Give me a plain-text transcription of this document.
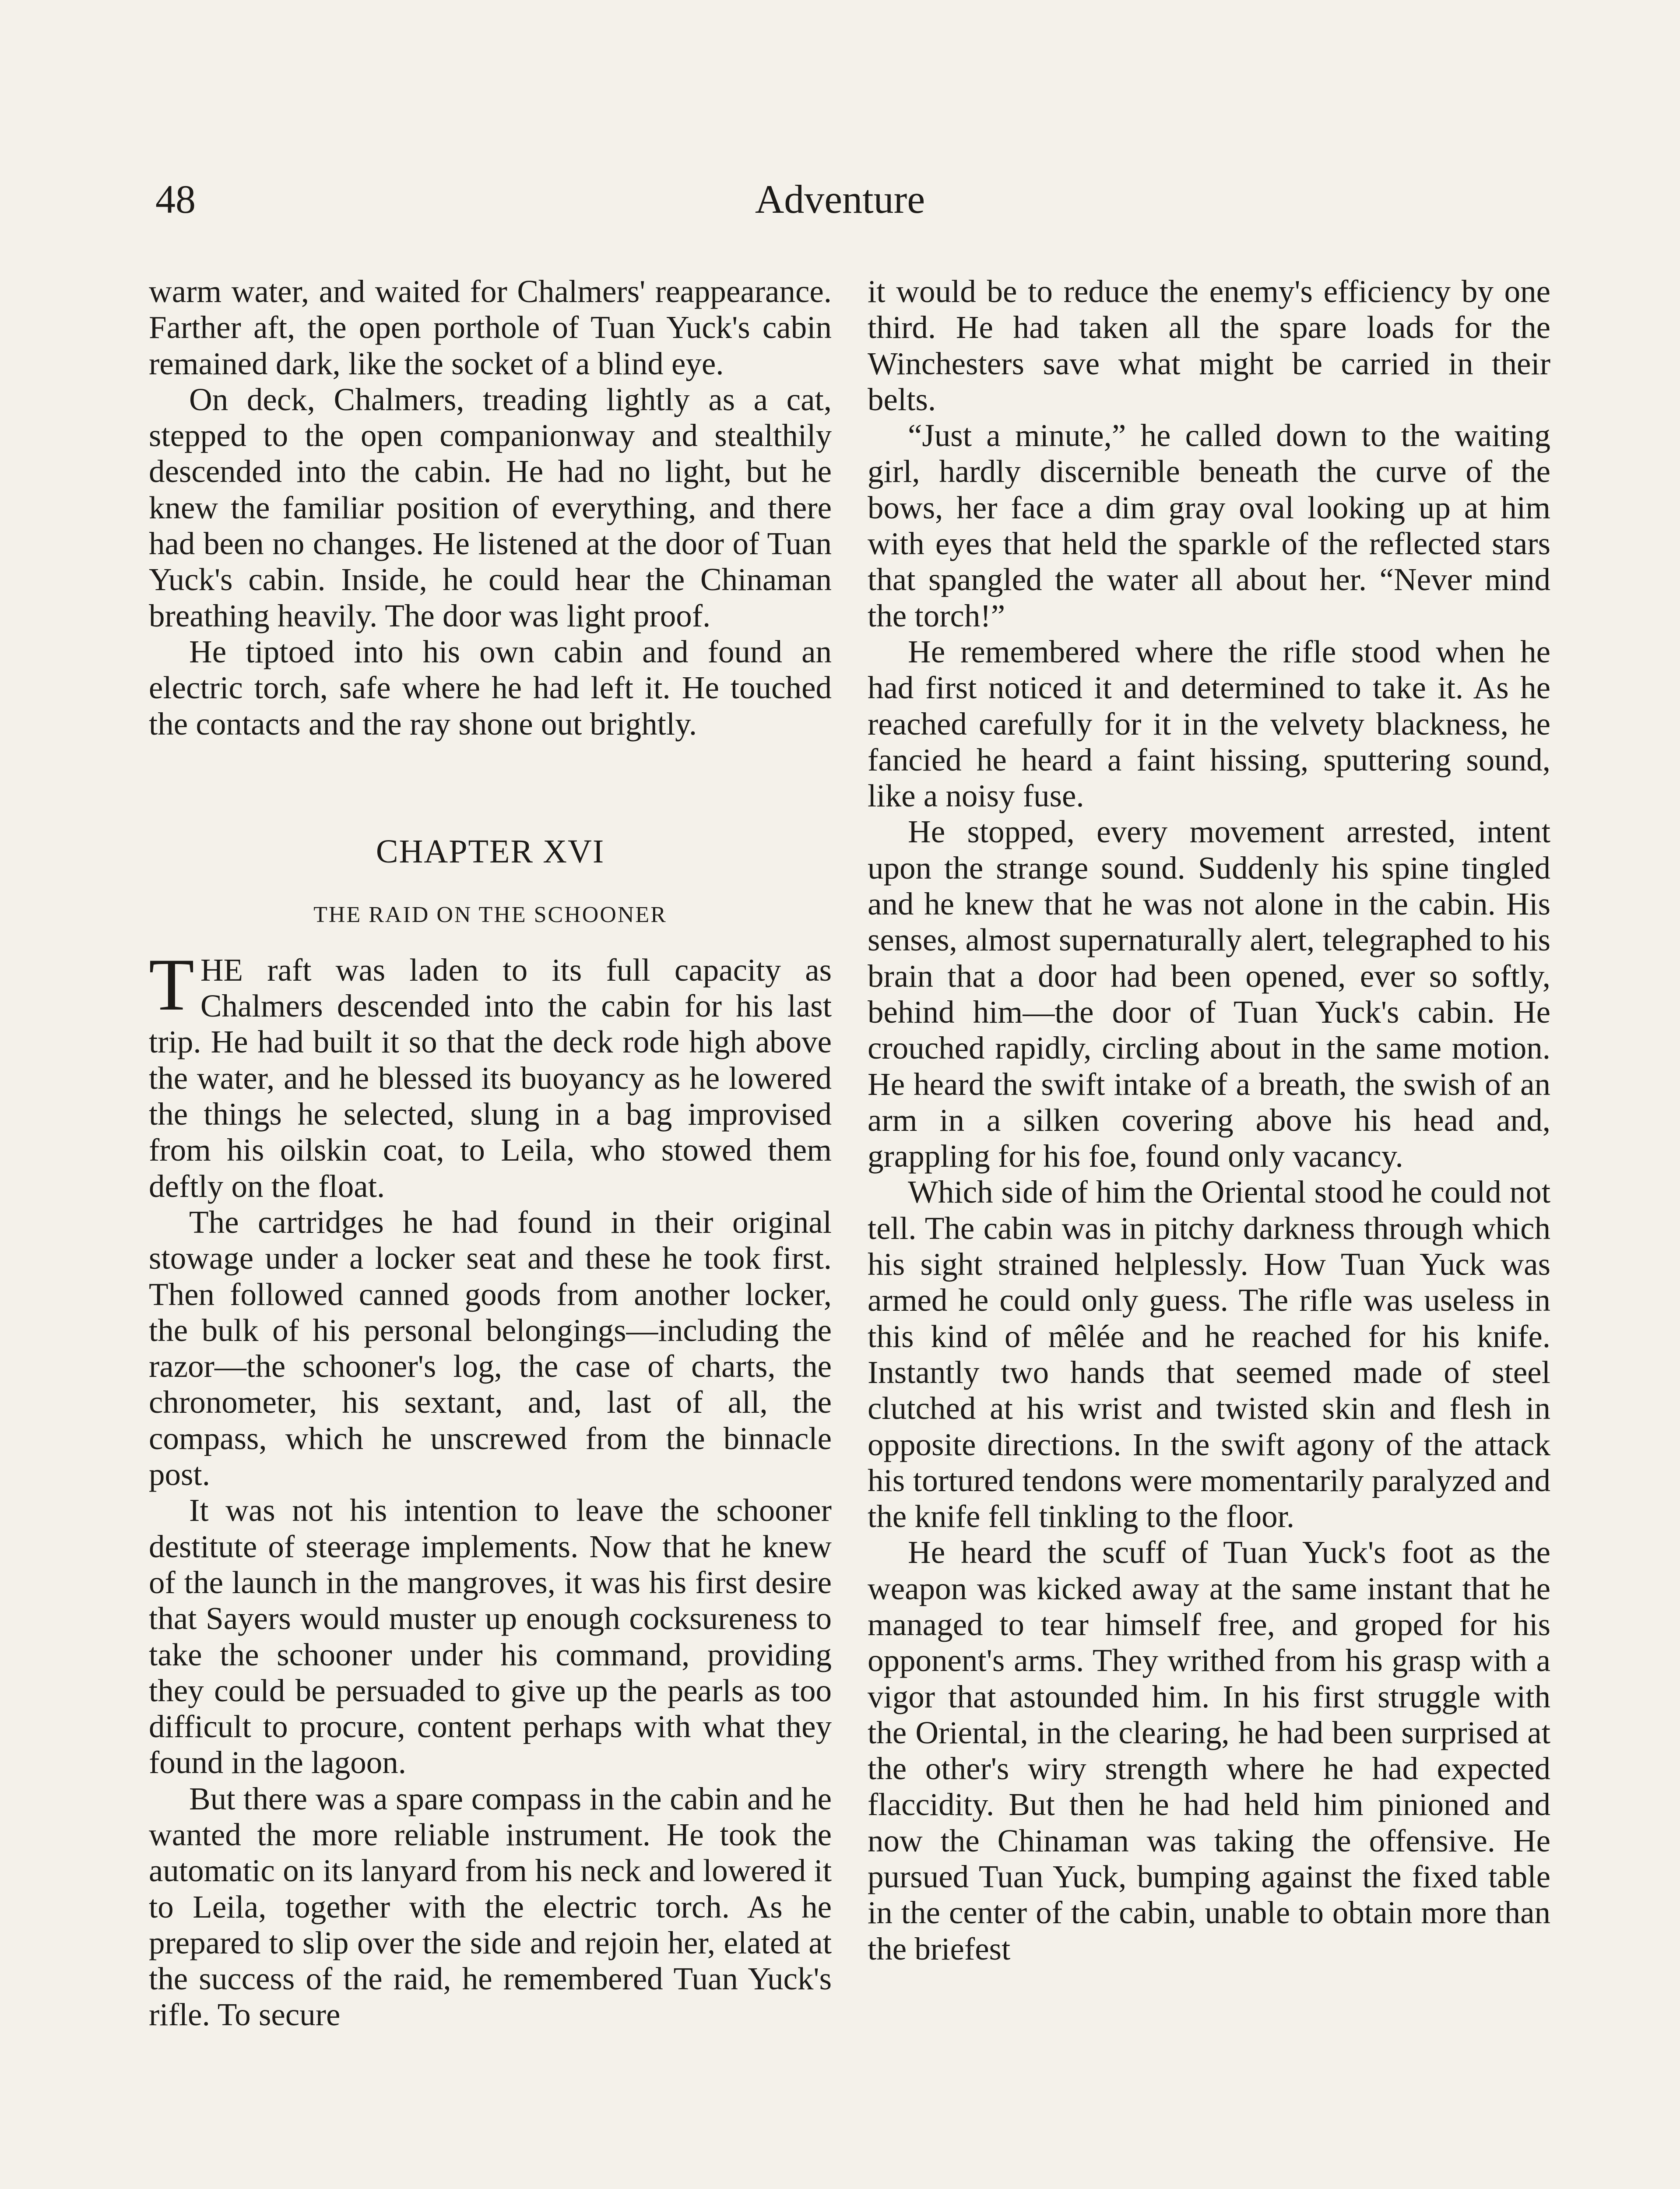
Adventure
48

warm water, and waited for Chalmers' reappearance. Farther aft, the open porthole of Tuan Yuck's cabin remained dark, like the socket of a blind eye.

On deck, Chalmers, treading lightly as a cat, stepped to the open companionway and stealthily descended into the cabin. He had no light, but he knew the familiar position of everything, and there had been no changes. He listened at the door of Tuan Yuck's cabin. Inside, he could hear the Chinaman breathing heavily. The door was light proof.

He tiptoed into his own cabin and found an electric torch, safe where he had left it. He touched the contacts and the ray shone out brightly.

CHAPTER XVI
THE RAID ON THE SCHOONER

THE raft was laden to its full capacity as Chalmers descended into the cabin for his last trip. He had built it so that the deck rode high above the water, and he blessed its buoyancy as he lowered the things he selected, slung in a bag improvised from his oilskin coat, to Leila, who stowed them deftly on the float.

The cartridges he had found in their original stowage under a locker seat and these he took first. Then followed canned goods from another locker, the bulk of his personal belongings—including the razor—the schooner's log, the case of charts, the chronometer, his sextant, and, last of all, the compass, which he unscrewed from the binnacle post.

It was not his intention to leave the schooner destitute of steerage implements. Now that he knew of the launch in the mangroves, it was his first desire that Sayers would muster up enough cocksureness to take the schooner under his command, providing they could be persuaded to give up the pearls as too difficult to procure, content perhaps with what they found in the lagoon.

But there was a spare compass in the cabin and he wanted the more reliable instrument. He took the automatic on its lanyard from his neck and lowered it to Leila, together with the electric torch. As he prepared to slip over the side and rejoin her, elated at the success of the raid, he remembered Tuan Yuck's rifle. To secure

it would be to reduce the enemy's efficiency by one third. He had taken all the spare loads for the Winchesters save what might be carried in their belts.

“Just a minute,” he called down to the waiting girl, hardly discernible beneath the curve of the bows, her face a dim gray oval looking up at him with eyes that held the sparkle of the reflected stars that spangled the water all about her. “Never mind the torch!”

He remembered where the rifle stood when he had first noticed it and determined to take it. As he reached carefully for it in the velvety blackness, he fancied he heard a faint hissing, sputtering sound, like a noisy fuse.

He stopped, every movement arrested, intent upon the strange sound. Suddenly his spine tingled and he knew that he was not alone in the cabin. His senses, almost supernaturally alert, telegraphed to his brain that a door had been opened, ever so softly, behind him—the door of Tuan Yuck's cabin. He crouched rapidly, circling about in the same motion. He heard the swift intake of a breath, the swish of an arm in a silken covering above his head and, grappling for his foe, found only vacancy.

Which side of him the Oriental stood he could not tell. The cabin was in pitchy darkness through which his sight strained helplessly. How Tuan Yuck was armed he could only guess. The rifle was useless in this kind of mêlée and he reached for his knife. Instantly two hands that seemed made of steel clutched at his wrist and twisted skin and flesh in opposite directions. In the swift agony of the attack his tortured tendons were momentarily paralyzed and the knife fell tinkling to the floor.

He heard the scuff of Tuan Yuck's foot as the weapon was kicked away at the same instant that he managed to tear himself free, and groped for his opponent's arms. They writhed from his grasp with a vigor that astounded him. In his first struggle with the Oriental, in the clearing, he had been surprised at the other's wiry strength where he had expected flaccidity. But then he had held him pinioned and now the Chinaman was taking the offensive. He pursued Tuan Yuck, bumping against the fixed table in the center of the cabin, unable to obtain more than the briefest
